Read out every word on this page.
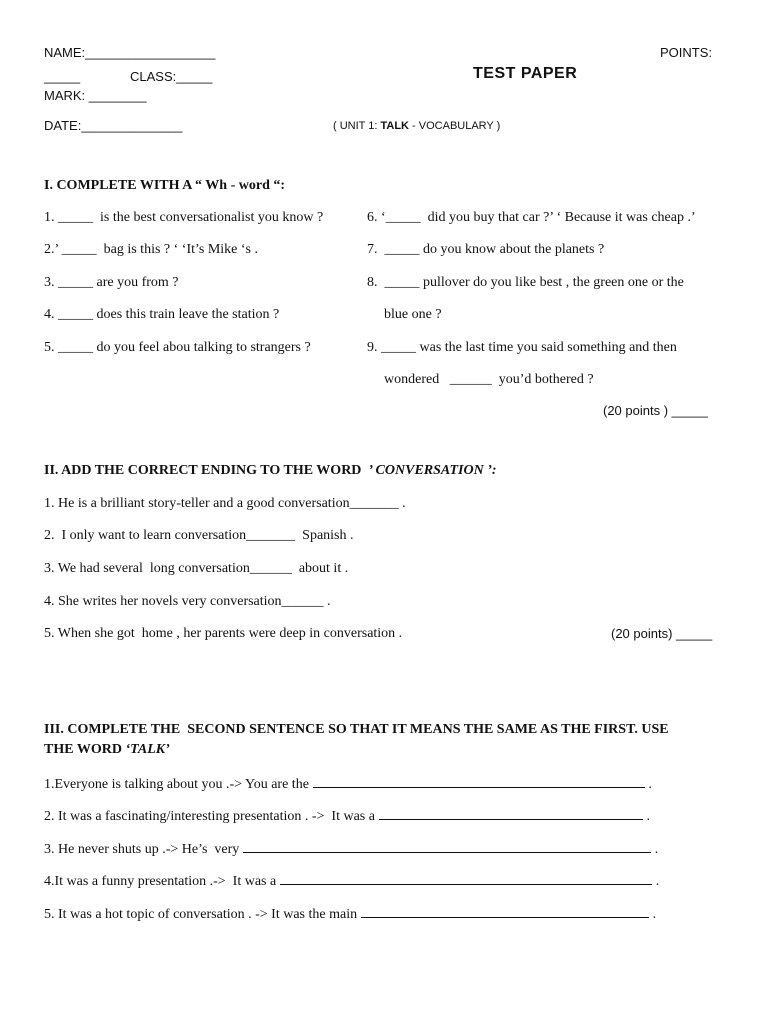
NAME:__________________	POINTS:
_____	CLASS:_____	TEST PAPER
MARK: ________
DATE:______________	( UNIT 1: TALK - VOCABULARY )
I. COMPLETE WITH A “ Wh - word “:
1. _____  is the best conversationalist you know ?
2.’ _____  bag is this ? ‘ ‘It’s Mike ‘s .
3. _____ are you from ?
4. _____ does this train leave the station ?
5. _____ do you feel abou talking to strangers ?
6. ‘_____  did you buy that car ?’ ‘ Because it was cheap .’
7.  _____ do you know about the planets ?
8.  _____ pullover do you like best , the green one or the
blue one ?
9. _____ was the last time you said something and then
wondered   ______  you’d bothered ?
(20 points ) _____
II. ADD THE CORRECT ENDING TO THE WORD  ’ CONVERSATION ’:
1. He is a brilliant story-teller and a good conversation_______ .
2.  I only want to learn conversation_______  Spanish .
3. We had several  long conversation______  about it .
4. She writes her novels very conversation______ .
5. When she got  home , her parents were deep in conversation .	(20 points) _____
III. COMPLETE THE  SECOND SENTENCE SO THAT IT MEANS THE SAME AS THE FIRST. USE
THE WORD ‘TALK’
1.Everyone is talking about you .-> You are the	.
2. It was a fascinating/interesting presentation . ->  It was a	.
3. He never shuts up .-> He’s  very	.
4.It was a funny presentation .->  It was a	.
5. It was a hot topic of conversation . -> It was the main	.
